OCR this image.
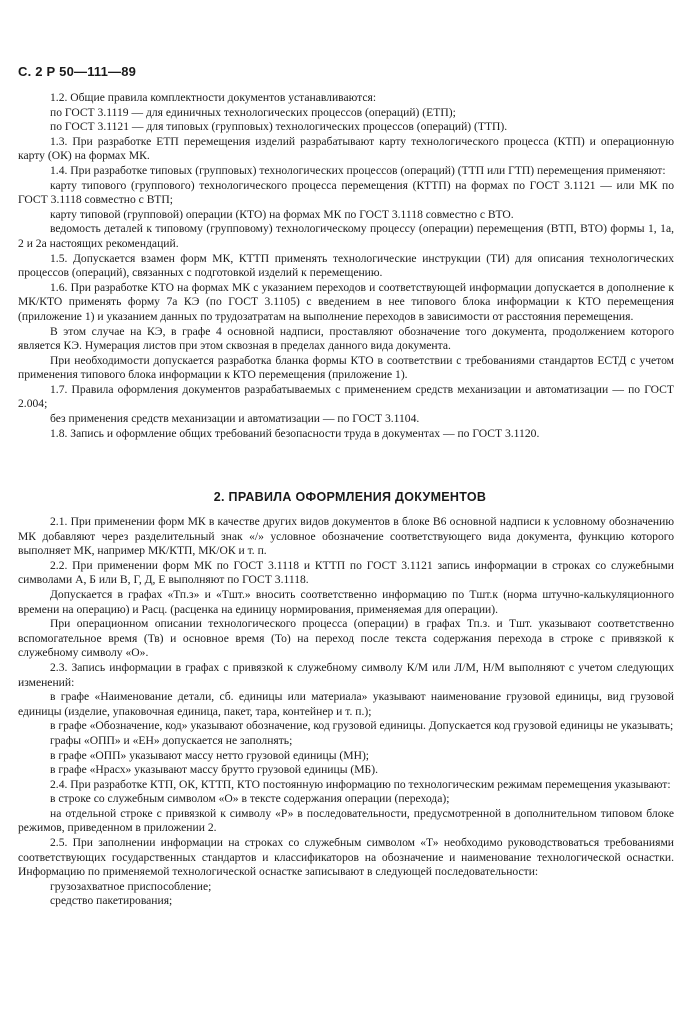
С. 2 Р 50—111—89

1.2. Общие правила комплектности документов устанавливаются:

по ГОСТ 3.1119 — для единичных технологических процессов (операций) (ЕТП);

по ГОСТ 3.1121 — для типовых (групповых) технологических процессов (операций) (ТТП).

1.3. При разработке ЕТП перемещения изделий разрабатывают карту технологического процесса (КТП) и операционную карту (ОК) на формах МК.

1.4. При разработке типовых (групповых) технологических процессов (операций) (ТТП или ГТП) перемещения применяют:

карту типового (группового) технологического процесса перемещения (КТТП) на формах по ГОСТ 3.1121 — или МК по ГОСТ 3.1118 совместно с ВТП;

карту типовой (групповой) операции (КТО) на формах МК по ГОСТ 3.1118 совместно с ВТО.

ведомость деталей к типовому (групповому) технологическому процессу (операции) перемещения (ВТП, ВТО) формы 1, 1а, 2 и 2а настоящих рекомендаций.

1.5. Допускается взамен форм МК, КТТП применять технологические инструкции (ТИ) для описания технологических процессов (операций), связанных с подготовкой изделий к перемещению.

1.6. При разработке КТО на формах МК с указанием переходов и соответствующей информации допускается в дополнение к МК/КТО применять форму 7а КЭ (по ГОСТ 3.1105) с введением в нее типового блока информации к КТО перемещения (приложение 1) и указанием данных по трудозатратам на выполнение переходов в зависимости от расстояния перемещения.

В этом случае на КЭ, в графе 4 основной надписи, проставляют обозначение того документа, продолжением которого является КЭ. Нумерация листов при этом сквозная в пределах данного вида документа.

При необходимости допускается разработка бланка формы КТО в соответствии с требованиями стандартов ЕСТД с учетом применения типового блока информации к КТО перемещения (приложение 1).

1.7. Правила оформления документов разрабатываемых с применением средств механизации и автоматизации — по ГОСТ 2.004;

без применения средств механизации и автоматизации — по ГОСТ 3.1104.

1.8. Запись и оформление общих требований безопасности труда в документах — по ГОСТ 3.1120.

2. ПРАВИЛА ОФОРМЛЕНИЯ ДОКУМЕНТОВ

2.1. При применении форм МК в качестве других видов документов в блоке В6 основной надписи к условному обозначению МК добавляют через разделительный знак «/» условное обозначение соответствующего вида документа, функцию которого выполняет МК, например МК/КТП, МК/ОК и т. п.

2.2. При применении форм МК по ГОСТ 3.1118 и КТТП по ГОСТ 3.1121 запись информации в строках со служебными символами А, Б или В, Г, Д, Е выполняют по ГОСТ 3.1118.

Допускается в графах «Тп.з» и «Тшт.» вносить соответственно информацию по Тшт.к (норма штучно-калькуляционного времени на операцию) и Расц. (расценка на единицу нормирования, применяемая для операции).

При операционном описании технологического процесса (операции) в графах Тп.з. и Тшт. указывают соответственно вспомогательное время (Тв) и основное время (То) на переход после текста содержания перехода в строке с привязкой к служебному символу «О».

2.3. Запись информации в графах с привязкой к служебному символу К/М или Л/М, Н/М выполняют с учетом следующих изменений:

в графе «Наименование детали, сб. единицы или материала» указывают наименование грузовой единицы, вид грузовой единицы (изделие, упаковочная единица, пакет, тара, контейнер и т. п.);

в графе «Обозначение, код» указывают обозначение, код грузовой единицы. Допускается код грузовой единицы не указывать;

графы «ОПП» и «ЕН» допускается не заполнять;

в графе «ОПП» указывают массу нетто грузовой единицы (МН);

в графе «Нрасх» указывают массу брутто грузовой единицы (МБ).

2.4. При разработке КТП, ОК, КТТП, КТО постоянную информацию по технологическим режимам перемещения указывают:

в строке со служебным символом «О» в тексте содержания операции (перехода);

на отдельной строке с привязкой к символу «Р» в последовательности, предусмотренной в дополнительном типовом блоке режимов, приведенном в приложении 2.

2.5. При заполнении информации на строках со служебным символом «Т» необходимо руководствоваться требованиями соответствующих государственных стандартов и классификаторов на обозначение и наименование технологической оснастки. Информацию по применяемой технологической оснастке записывают в следующей последовательности:

грузозахватное приспособление;

средство пакетирования;
